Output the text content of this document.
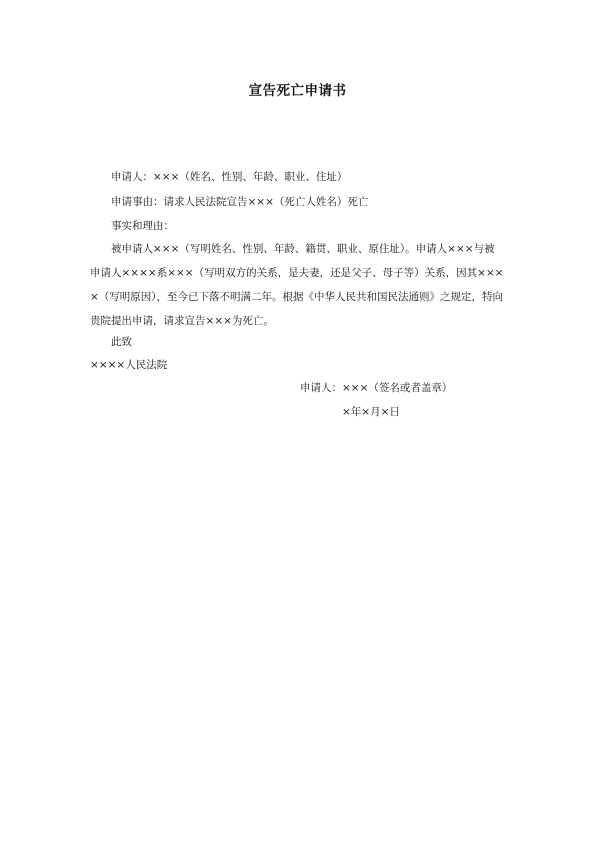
宣告死亡申请书
申请人：×××（姓名、性别、年龄、职业、住址）
申请事由：请求人民法院宣告×××（死亡人姓名）死亡
事实和理由：
被申请人×××（写明姓名、性别、年龄、籍贯、职业、原住址）。申请人×××与被
申请人××××系×××（写明双方的关系，是夫妻，还是父子、母子等）关系，因其×××
×（写明原因），至今已下落不明满二年。根据《中华人民共和国民法通则》之规定，特向
贵院提出申请，请求宣告×××为死亡。
此致
××××人民法院
申请人：×××（签名或者盖章）
×年×月×日
